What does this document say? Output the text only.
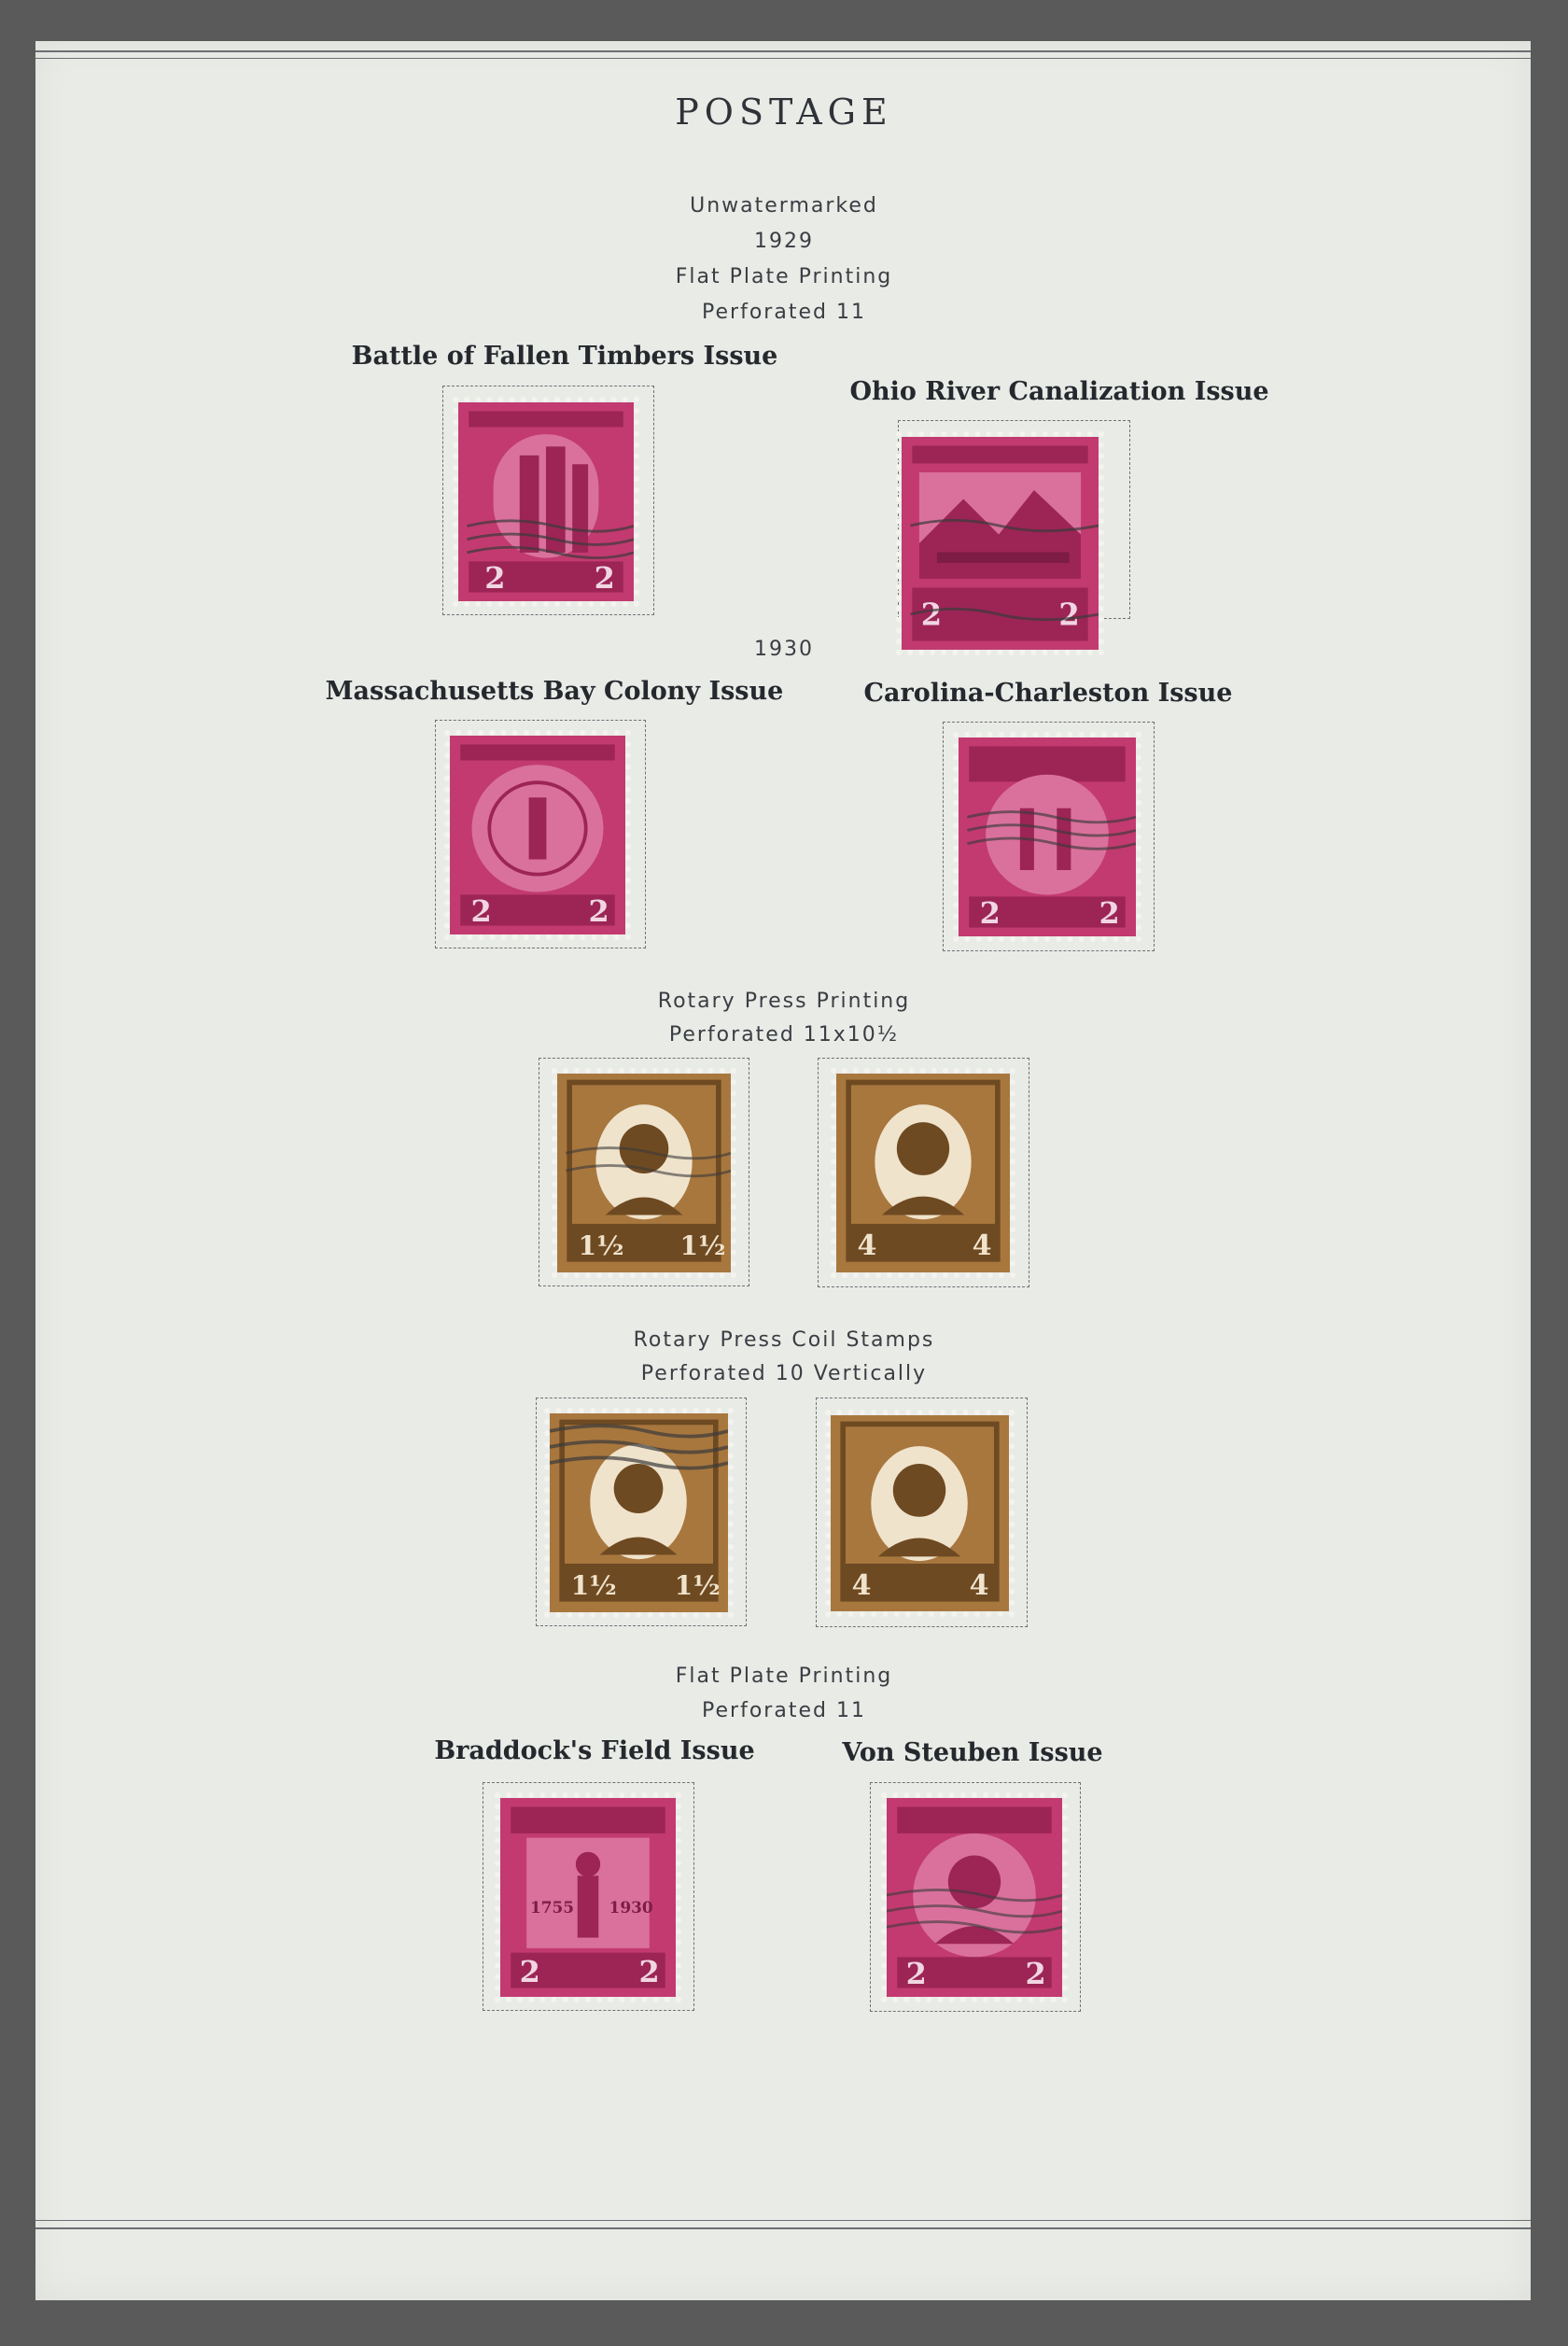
POSTAGE
Unwatermarked
1929
Flat Plate Printing
Perforated 11
Battle of Fallen Timbers Issue
Ohio River Canalization Issue
2	2
2	2
1930
Massachusetts Bay Colony Issue	Carolina-Charleston Issue
2	2	2	2
Rotary Press Printing
Perforated 11x10½
1½ 1½	4	4
Rotary Press Coil Stamps
Perforated 10 Vertically
1½ 1½	4	4
Flat Plate Printing
Perforated 11
Braddock's Field Issue	Von Steuben Issue
1755 1930
2	2	2	2
